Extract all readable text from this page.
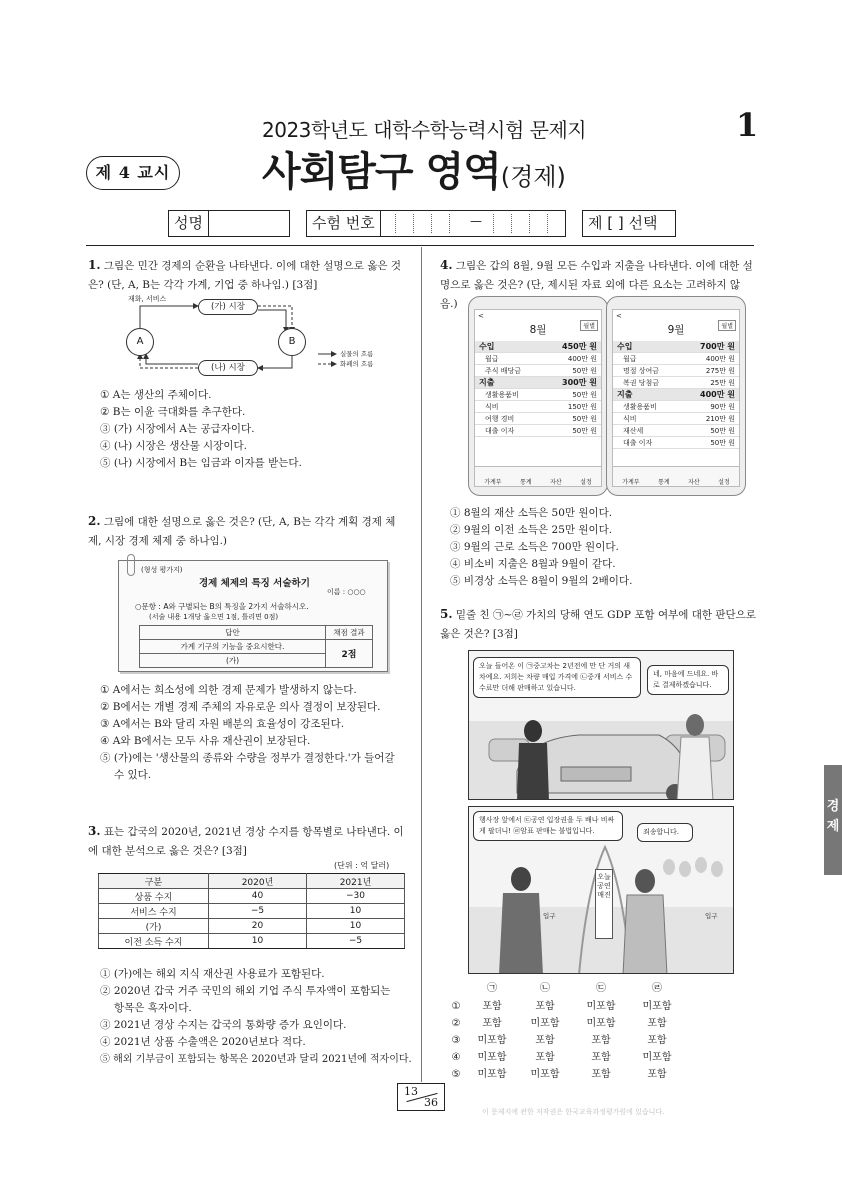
2023학년도 대학수학능력시험 문제지	1
제 4 교시 사회탐구 영역(경제)
성명	수험 번호	—	제 [ ] 선택
1. 그림은 민간 경제의 순환을 나타낸다. 이에 대한 설명으로 옳은 것은? (단, A, B는 각각 가계, 기업 중 하나임.) [3점]
재화, 서비스
(가) 시장
(나) 시장
A	B
실물의 흐름
화폐의 흐름
① A는 생산의 주체이다.
② B는 이윤 극대화를 추구한다.
③ (가) 시장에서 A는 공급자이다.
④ (나) 시장은 생산물 시장이다.
⑤ (나) 시장에서 B는 임금과 이자를 받는다.
2. 그림에 대한 설명으로 옳은 것은? (단, A, B는 각각 계획 경제 체제, 시장 경제 체제 중 하나임.)
(형성 평가지)
경제 체제의 특징 서술하기
이름 : ○○○
○문항 : A와 구별되는 B의 특징을 2가지 서술하시오.
(서술 내용 1개당 옳으면 1점, 틀리면 0점)
답안	채점 결과
가계 기구의 기능을 중요시한다.	2점
(가)	
① A에서는 희소성에 의한 경제 문제가 발생하지 않는다.
② B에서는 개별 경제 주체의 자유로운 의사 결정이 보장된다.
③ A에서는 B와 달리 자원 배분의 효율성이 강조된다.
④ A와 B에서는 모두 사유 재산권이 보장된다.
⑤ (가)에는 '생산물의 종류와 수량을 정부가 결정한다.'가 들어갈
수 있다.
3. 표는 갑국의 2020년, 2021년 경상 수지를 항목별로 나타낸다. 이에 대한 분석으로 옳은 것은? [3점]
(단위 : 억 달러)
구분	2020년	2021년
상품 수지	40	−30
서비스 수지	−5	10
(가)	20	10
이전 소득 수지	10	−5
① (가)에는 해외 지식 재산권 사용료가 포함된다.
② 2020년 갑국 거주 국민의 해외 기업 주식 투자액이 포함되는
항목은 흑자이다.
③ 2021년 경상 수지는 갑국의 통화량 증가 요인이다.
④ 2021년 상품 수출액은 2020년보다 적다.
⑤ 해외 기부금이 포함되는 항목은 2020년과 달리 2021년에 적자이다.
4. 그림은 갑의 8월, 9월 모든 수입과 지출을 나타낸다. 이에 대한 설명으로 옳은 것은? (단, 제시된 자료 외에 다른 요소는 고려하지 않음.)
<
8월	월별
수입	450만 원
월급	400만 원
주식 배당금	50만 원
지출	300만 원
생활용품비	50만 원
식비	150만 원
여행 경비	50만 원
대출 이자	50만 원
가계부	통계	자산	설정
<
9월	월별
수입	700만 원
월급	400만 원
명절 상여금	275만 원
복권 당첨금	25만 원
지출	400만 원
생활용품비	90만 원
식비	210만 원
재산세	50만 원
대출 이자	50만 원
가계부	통계	자산	설정
① 8월의 재산 소득은 50만 원이다.
② 9월의 이전 소득은 25만 원이다.
③ 9월의 근로 소득은 700만 원이다.
④ 비소비 지출은 8월과 9월이 같다.
⑤ 비경상 소득은 8월이 9월의 2배이다.
5. 밑줄 친 ㉠~㉣ 가치의 당해 연도 GDP 포함 여부에 대한 판단으로 옳은 것은? [3점]
오늘 들어온 이 ㉠중고차는 2년전에 만 단 거의 새 차예요. 저희는 차량 매입 가격에 ㉡중개 서비스 수수료만 더해 판매하고 있습니다.
네, 마음에 드네요. 바로 결제하겠습니다.
행사장 앞에서 ㉢공연 입장권을 두 배나 비싸게 팔더니! ㉣암표 판매는 불법입니다.	죄송합니다.
오늘 공연 매진
입구	입구
㉠	㉡	㉢	㉣
①	포함	포함	미포함	미포함
②	포함	미포함	미포함	포함
③	미포함	포함	포함	포함
④	미포함	포함	포함	미포함
⑤	미포함	미포함	포함	포함
경제
13
36
이 문제지에 관한 저작권은 한국교육과정평가원에 있습니다.
